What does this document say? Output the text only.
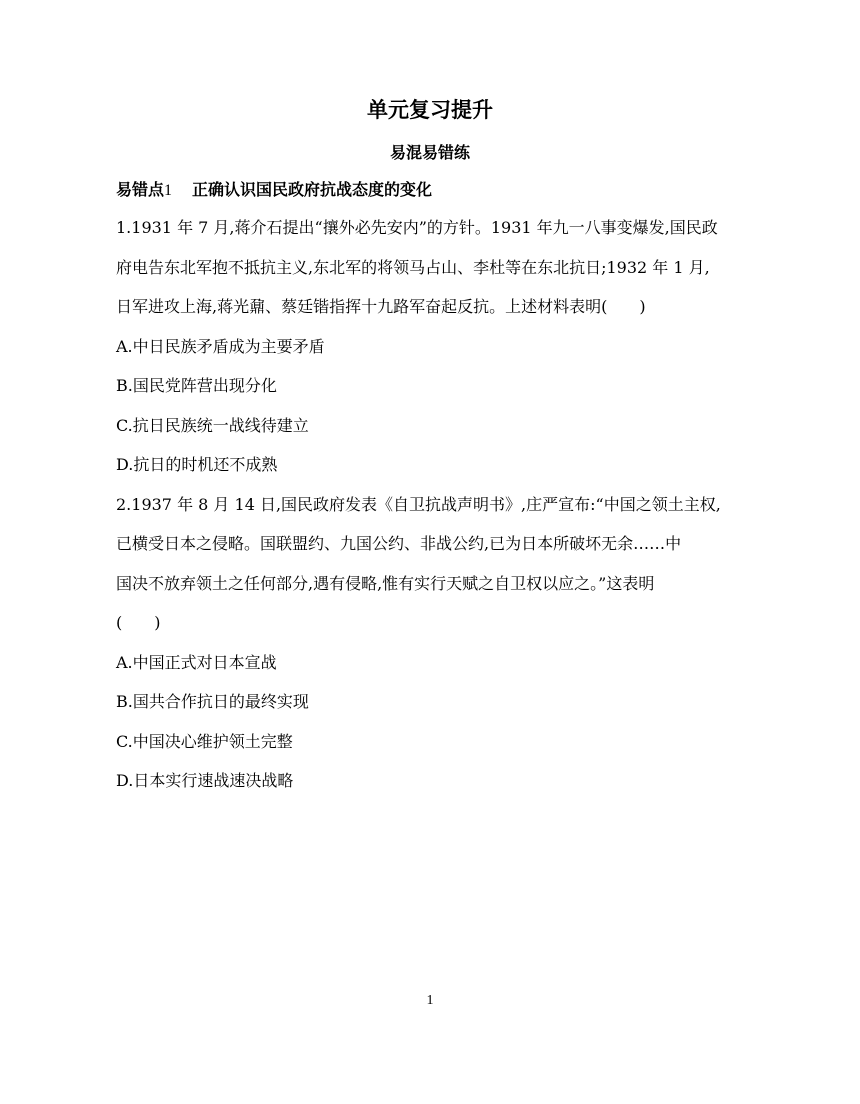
单元复习提升
易混易错练
易错点1 正确认识国民政府抗战态度的变化
1.1931 年 7 月,蒋介石提出“攘外必先安内”的方针。1931 年九一八事变爆发,国民政
府电告东北军抱不抵抗主义,东北军的将领马占山、李杜等在东北抗日;1932 年 1 月,
日军进攻上海,蒋光鼐、蔡廷锴指挥十九路军奋起反抗。上述材料表明(　　)
A.中日民族矛盾成为主要矛盾
B.国民党阵营出现分化
C.抗日民族统一战线待建立
D.抗日的时机还不成熟
2.1937 年 8 月 14 日,国民政府发表《自卫抗战声明书》,庄严宣布:“中国之领土主权,
已横受日本之侵略。国联盟约、九国公约、非战公约,已为日本所破坏无余……中
国决不放弃领土之任何部分,遇有侵略,惟有实行天赋之自卫权以应之。”这表明
(　　)
A.中国正式对日本宣战
B.国共合作抗日的最终实现
C.中国决心维护领土完整
D.日本实行速战速决战略
1
